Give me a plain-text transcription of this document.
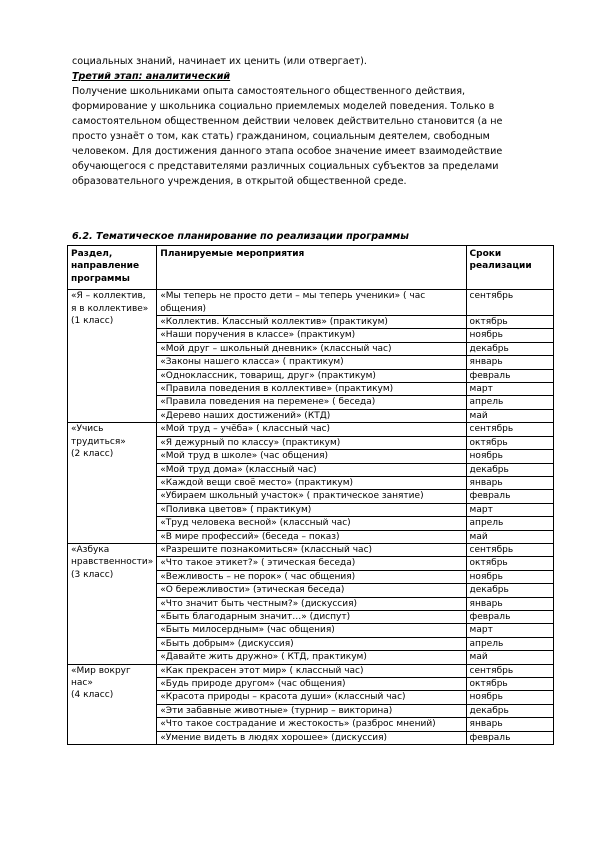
социальных знаний, начинает их ценить (или отвергает).

Третий этап: аналитический

Получение школьниками опыта самостоятельного общественного действия, формирование у школьника социально приемлемых моделей поведения. Только в самостоятельном общественном действии человек действительно становится (а не просто узнаёт о том, как стать) гражданином, социальным деятелем, свободным человеком. Для достижения данного этапа особое значение имеет взаимодействие обучающегося с представителями различных социальных субъектов за пределами образовательного учреждения, в открытой общественной среде.

6.2. Тематическое планирование по реализации программы

Раздел, направление программы	Планируемые мероприятия	Сроки реализации

«Я – коллектив, я в коллективе»
(1 класс)	«Мы теперь не просто дети – мы теперь ученики» ( час общения)	сентябрь
	«Коллектив. Классный коллектив» (практикум)	октябрь
	«Наши поручения в классе» (практикум)	ноябрь
	«Мой друг – школьный дневник» (классный час)	декабрь
	«Законы нашего класса» ( практикум)	январь
	«Одноклассник, товарищ, друг» (практикум)	февраль
	«Правила поведения в коллективе» (практикум)	март
	«Правила поведения на перемене» ( беседа)	апрель
	«Дерево наших достижений» (КТД)	май

«Учись трудиться»
(2 класс)	«Мой труд – учёба» ( классный час)	сентябрь
	«Я дежурный по классу» (практикум)	октябрь
	«Мой труд в школе» (час общения)	ноябрь
	«Мой труд дома» (классный час)	декабрь
	«Каждой вещи своё место» (практикум)	январь
	«Убираем школьный участок» ( практическое занятие)	февраль
	«Поливка цветов» ( практикум)	март
	«Труд человека весной» (классный час)	апрель
	«В мире профессий» (беседа – показ)	май

«Азбука нравственности»
(3 класс)	«Разрешите познакомиться» (классный час)	сентябрь
	«Что такое этикет?» ( этическая беседа)	октябрь
	«Вежливость – не порок» ( час общения)	ноябрь
	«О бережливости» (этическая беседа)	декабрь
	«Что значит быть честным?» (дискуссия)	январь
	«Быть благодарным значит…» (диспут)	февраль
	«Быть милосердным» (час общения)	март
	«Быть добрым» (дискуссия)	апрель
	«Давайте жить дружно» ( КТД, практикум)	май

«Мир вокруг нас»
(4 класс)	«Как прекрасен этот мир» ( классный час)	сентябрь
	«Будь природе другом» (час общения)	октябрь
	«Красота природы – красота души» (классный час)	ноябрь
	«Эти забавные животные» (турнир – викторина)	декабрь
	«Что такое сострадание и жестокость» (разброс мнений)	январь
	«Умение видеть в людях хорошее» (дискуссия)	февраль
